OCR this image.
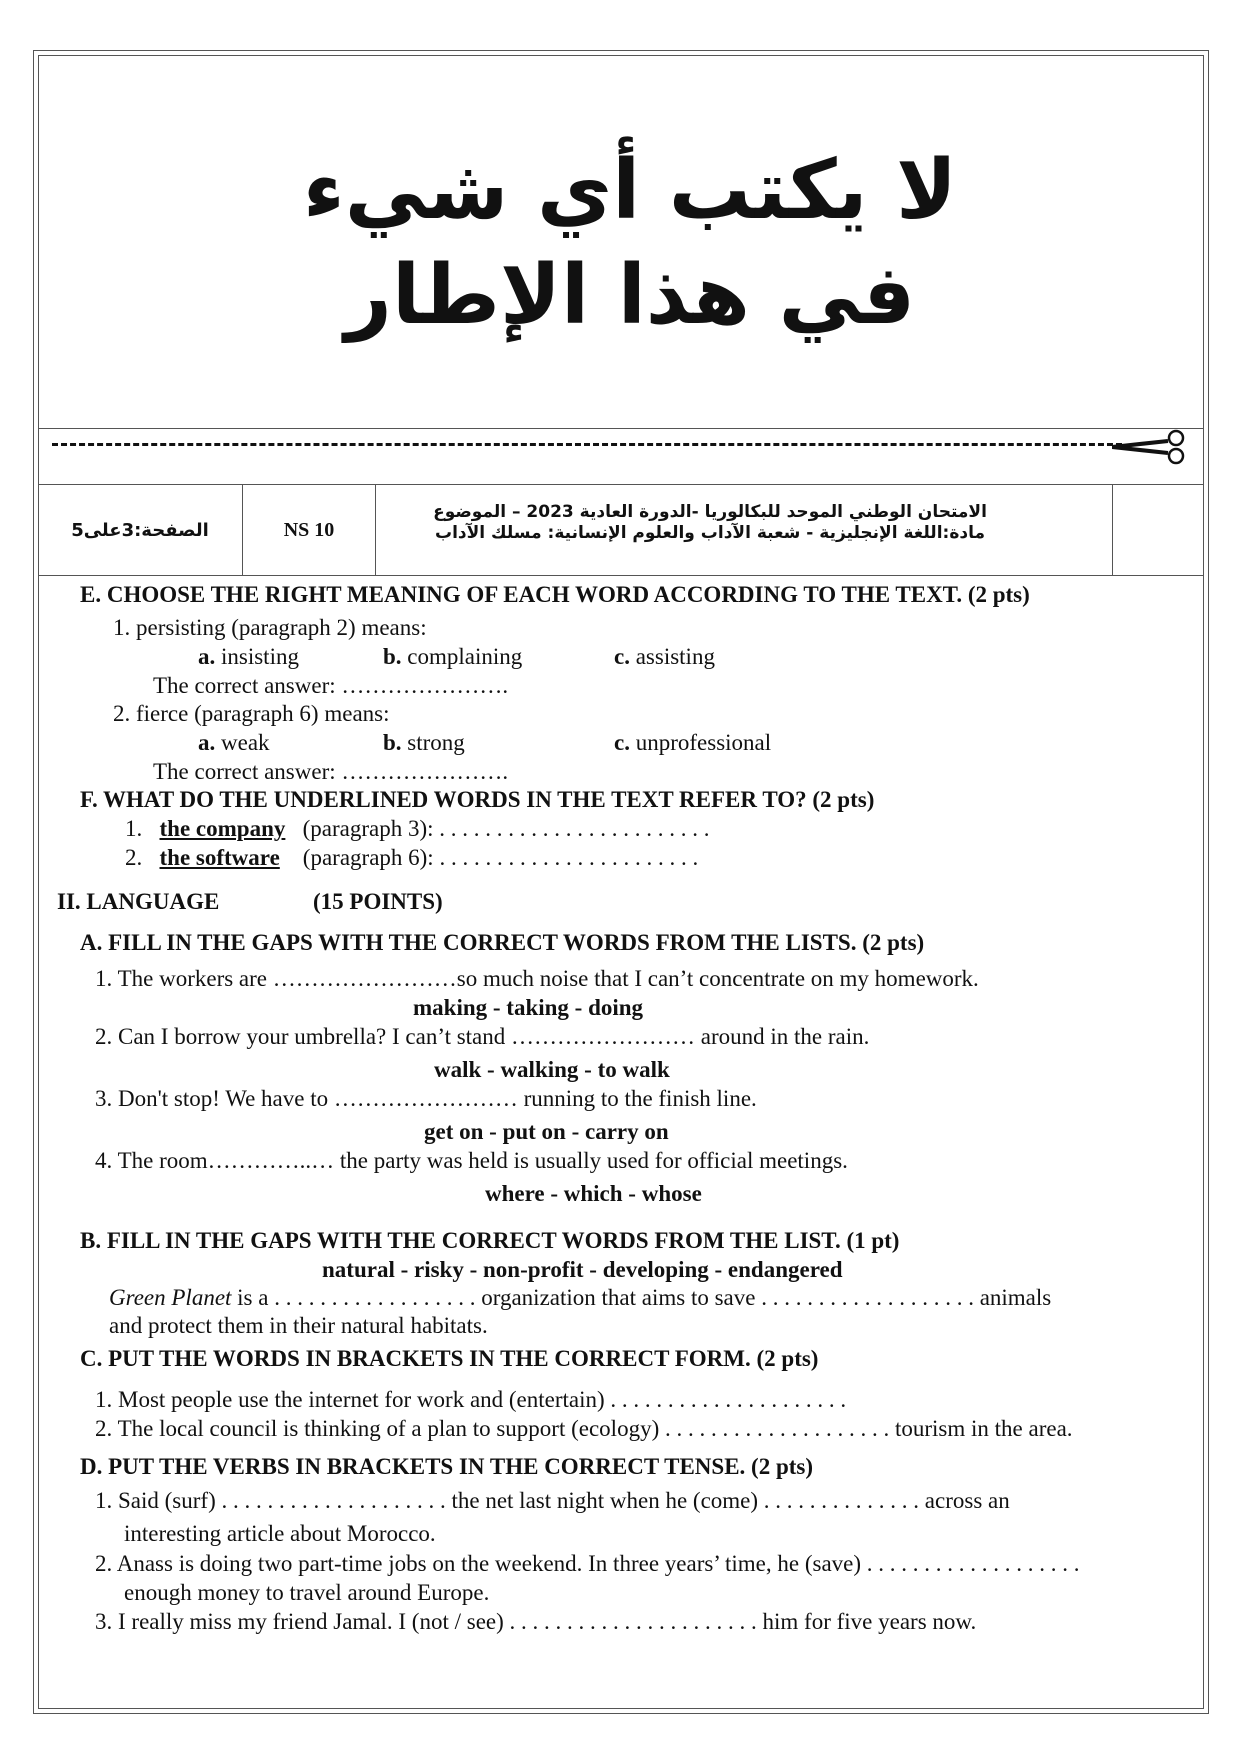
لا يكتب أي شيء
في هذا الإطار
الصفحة:3على5	NS 10
الامتحان الوطني الموحد للبكالوريا -الدورة العادية 2023 – الموضوع
مادة:اللغة الإنجليزية - شعبة الآداب والعلوم الإنسانية: مسلك الآداب
E. CHOOSE THE RIGHT MEANING OF EACH WORD ACCORDING TO THE TEXT. (2 pts)
1. persisting (paragraph 2) means:
a. insisting	b. complaining	c. assisting
The correct answer: ………………….
2. fierce (paragraph 6) means:
a. weak	b. strong	c. unprofessional
The correct answer: ………………….
F. WHAT DO THE UNDERLINED WORDS IN THE TEXT REFER TO? (2 pts)
1. the company (paragraph 3): . . . . . . . . . . . . . . . . . . . . . . . .
2. the software (paragraph 6): . . . . . . . . . . . . . . . . . . . . . . .
II. LANGUAGE	(15 POINTS)
A. FILL IN THE GAPS WITH THE CORRECT WORDS FROM THE LISTS. (2 pts)
1. The workers are ……………………so much noise that I can’t concentrate on my homework.
making - taking - doing
2. Can I borrow your umbrella? I can’t stand …………………… around in the rain.
walk - walking - to walk
3. Don't stop! We have to …………………… running to the finish line.
get on - put on - carry on
4. The room…………..… the party was held is usually used for official meetings.
where - which - whose
B. FILL IN THE GAPS WITH THE CORRECT WORDS FROM THE LIST. (1 pt)
natural - risky - non-profit - developing - endangered
Green Planet is a . . . . . . . . . . . . . . . . . . organization that aims to save . . . . . . . . . . . . . . . . . . . animals
and protect them in their natural habitats.
C. PUT THE WORDS IN BRACKETS IN THE CORRECT FORM. (2 pts)
1. Most people use the internet for work and (entertain) . . . . . . . . . . . . . . . . . . . . .
2. The local council is thinking of a plan to support (ecology) . . . . . . . . . . . . . . . . . . . . tourism in the area.
D. PUT THE VERBS IN BRACKETS IN THE CORRECT TENSE. (2 pts)
1. Said (surf) . . . . . . . . . . . . . . . . . . . . the net last night when he (come) . . . . . . . . . . . . . . across an
interesting article about Morocco.
2. Anass is doing two part-time jobs on the weekend. In three years’ time, he (save) . . . . . . . . . . . . . . . . . . .
enough money to travel around Europe.
3. I really miss my friend Jamal. I (not / see) . . . . . . . . . . . . . . . . . . . . . . him for five years now.
